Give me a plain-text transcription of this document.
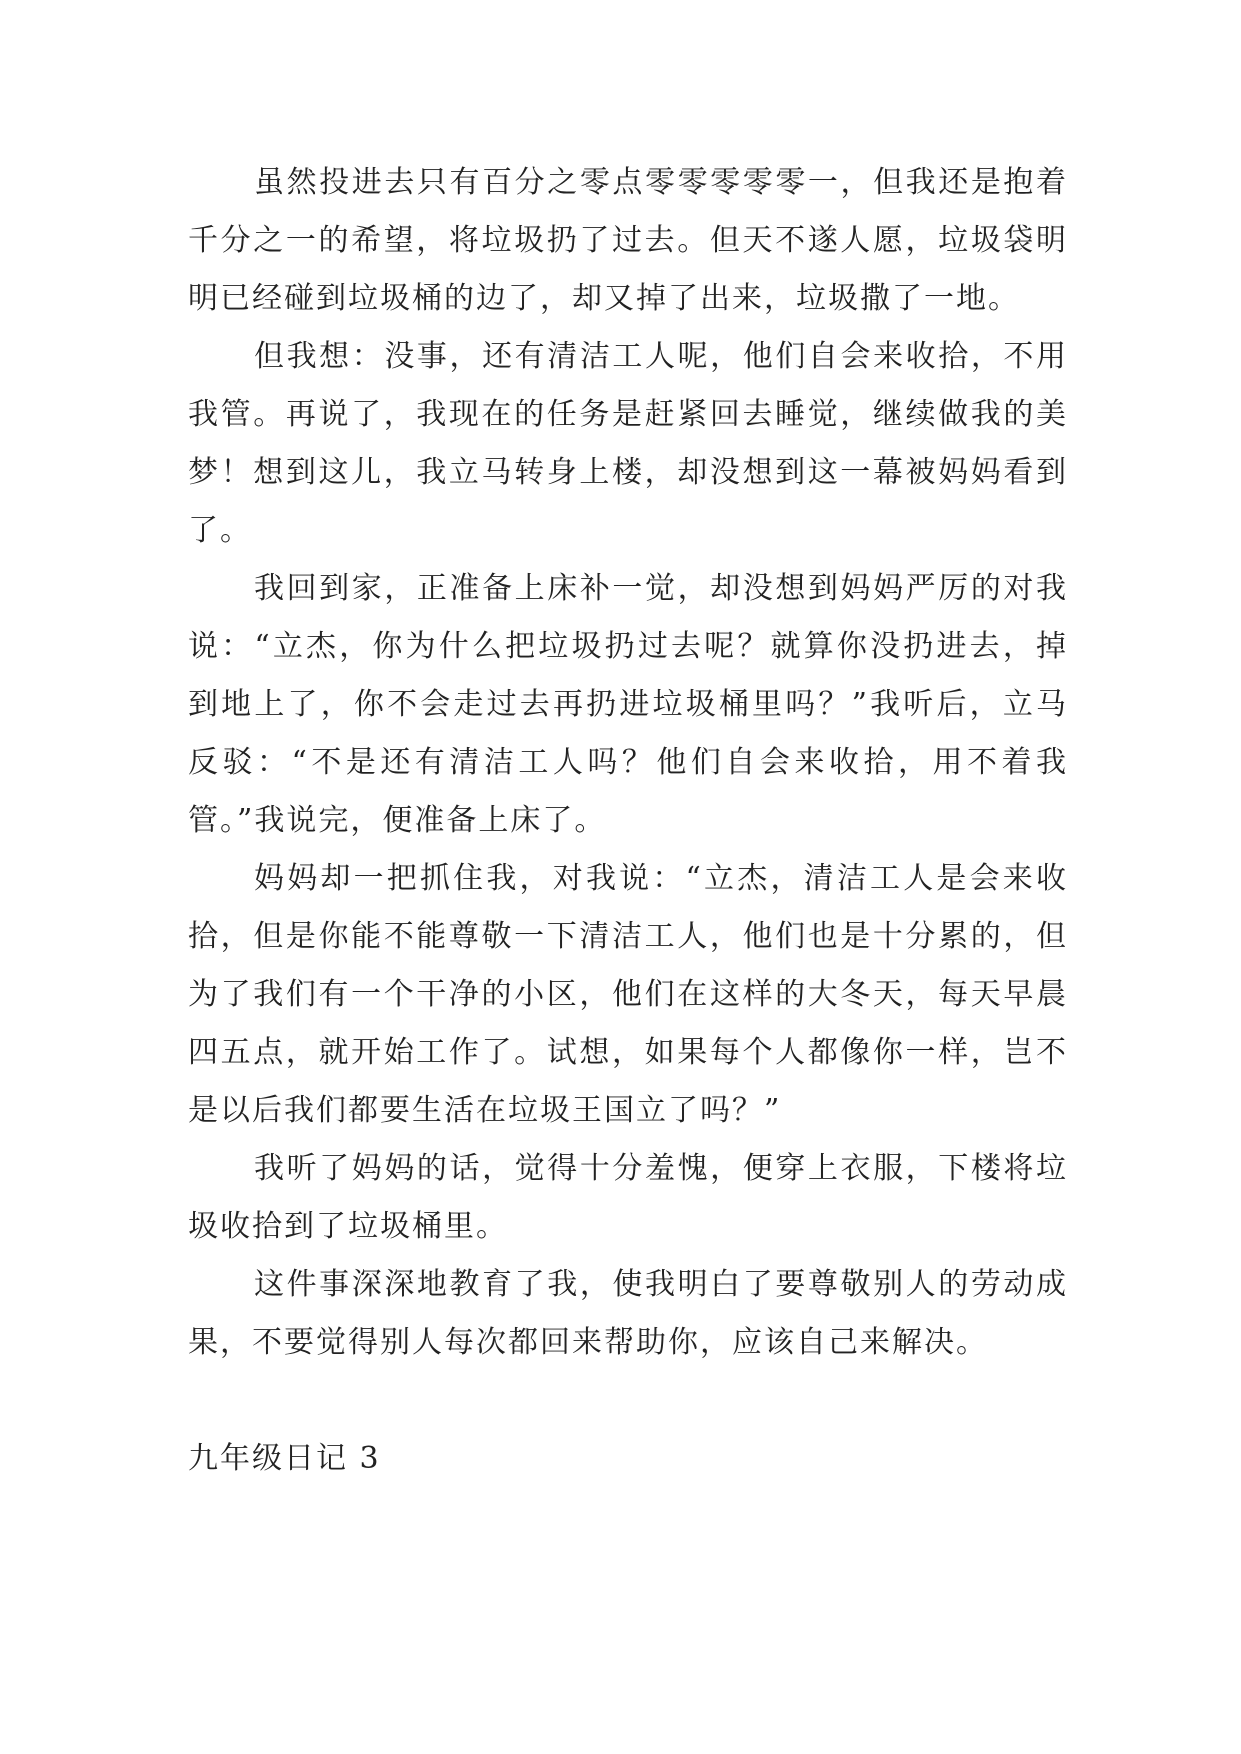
虽然投进去只有百分之零点零零零零零一，但我还是抱着千分之一的希望，将垃圾扔了过去。但天不遂人愿，垃圾袋明明已经碰到垃圾桶的边了，却又掉了出来，垃圾撒了一地。

但我想：没事，还有清洁工人呢，他们自会来收拾，不用我管。再说了，我现在的任务是赶紧回去睡觉，继续做我的美梦！想到这儿，我立马转身上楼，却没想到这一幕被妈妈看到了。

我回到家，正准备上床补一觉，却没想到妈妈严厉的对我说：“立杰，你为什么把垃圾扔过去呢？就算你没扔进去，掉到地上了，你不会走过去再扔进垃圾桶里吗？”我听后，立马反驳：“不是还有清洁工人吗？他们自会来收拾，用不着我管。”我说完，便准备上床了。

妈妈却一把抓住我，对我说：“立杰，清洁工人是会来收拾，但是你能不能尊敬一下清洁工人，他们也是十分累的，但为了我们有一个干净的小区，他们在这样的大冬天，每天早晨四五点，就开始工作了。试想，如果每个人都像你一样，岂不是以后我们都要生活在垃圾王国立了吗？”

我听了妈妈的话，觉得十分羞愧，便穿上衣服，下楼将垃圾收拾到了垃圾桶里。

这件事深深地教育了我，使我明白了要尊敬别人的劳动成果，不要觉得别人每次都回来帮助你，应该自己来解决。

九年级日记 3
